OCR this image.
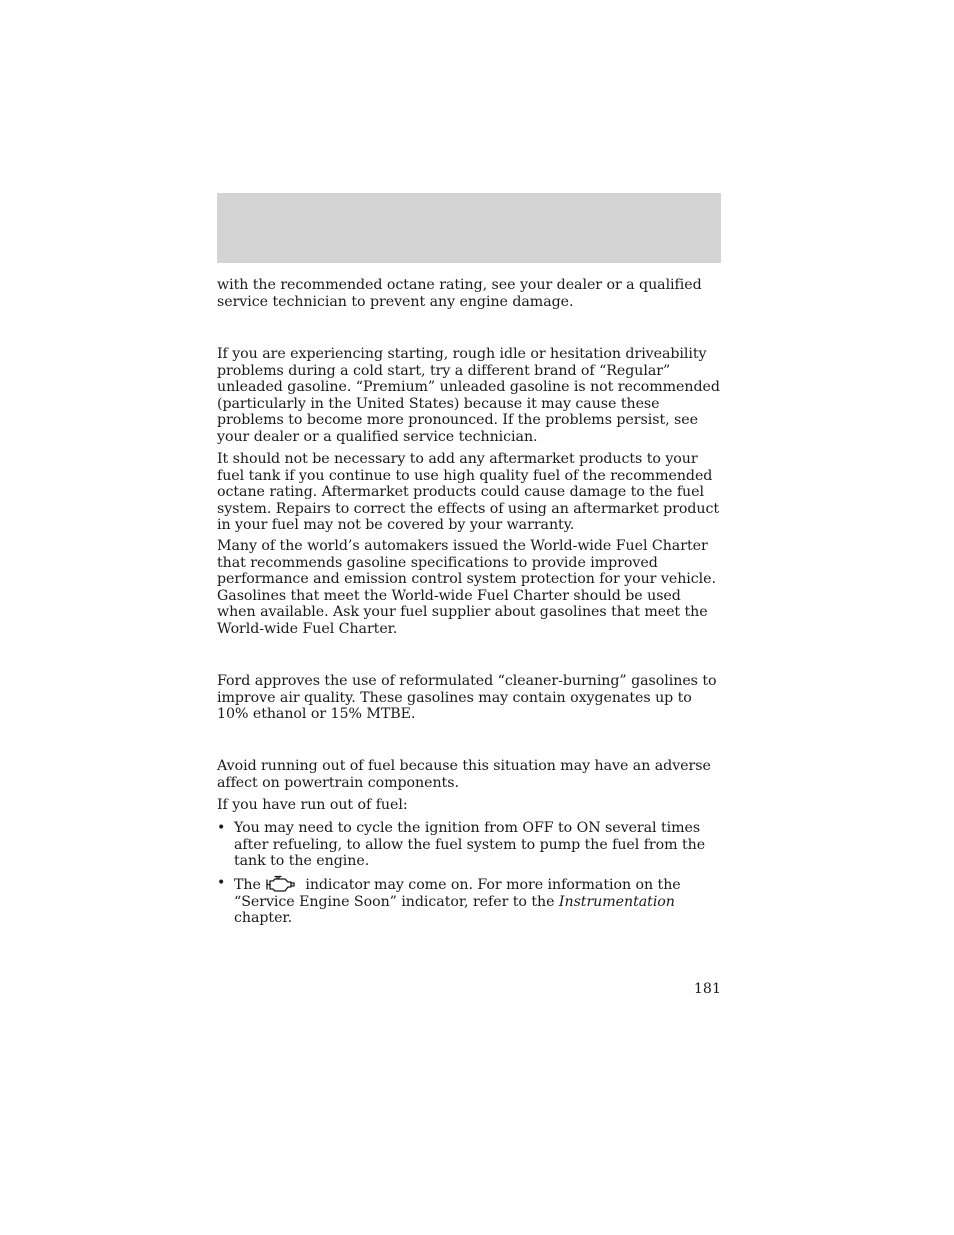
with the recommended octane rating, see your dealer or a qualified service technician to prevent any engine damage.

If you are experiencing starting, rough idle or hesitation driveability problems during a cold start, try a different brand of “Regular” unleaded gasoline. “Premium” unleaded gasoline is not recommended (particularly in the United States) because it may cause these problems to become more pronounced. If the problems persist, see your dealer or a qualified service technician.

It should not be necessary to add any aftermarket products to your fuel tank if you continue to use high quality fuel of the recommended octane rating. Aftermarket products could cause damage to the fuel system. Repairs to correct the effects of using an aftermarket product in your fuel may not be covered by your warranty.

Many of the world’s automakers issued the World-wide Fuel Charter that recommends gasoline specifications to provide improved performance and emission control system protection for your vehicle. Gasolines that meet the World-wide Fuel Charter should be used when available. Ask your fuel supplier about gasolines that meet the World-wide Fuel Charter.

Ford approves the use of reformulated “cleaner-burning” gasolines to improve air quality. These gasolines may contain oxygenates up to 10% ethanol or 15% MTBE.

Avoid running out of fuel because this situation may have an adverse affect on powertrain components.

If you have run out of fuel:

• You may need to cycle the ignition from OFF to ON several times after refueling, to allow the fuel system to pump the fuel from the tank to the engine.
• The	indicator may come on. For more information on the “Service Engine Soon” indicator, refer to the Instrumentation chapter.
181
